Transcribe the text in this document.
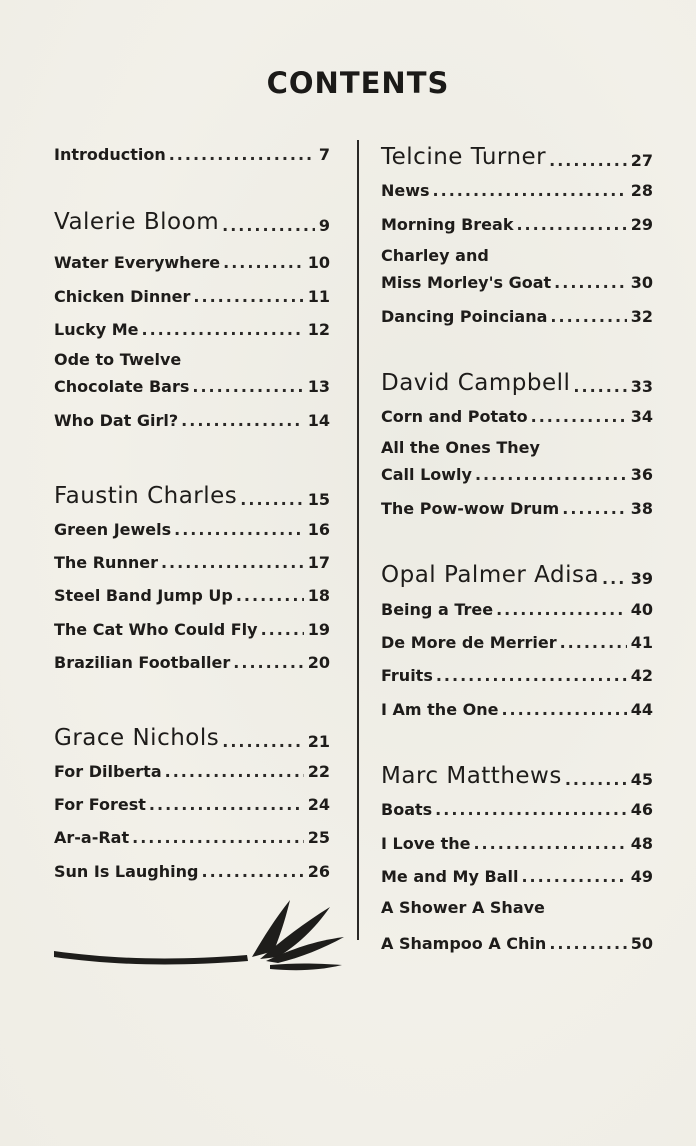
CONTENTS
Introduction .....	7
Valerie Bloom .....	9
Water Everywhere .....	10
Chicken Dinner .....	11
Lucky Me .....	12
Ode to Twelve
Chocolate Bars .....	13
Who Dat Girl? .....	14
Faustin Charles .....	15
Green Jewels .....	16
The Runner .....	17
Steel Band Jump Up .....	18
The Cat Who Could Fly .....	19
Brazilian Footballer .....	20
Grace Nichols .....	21
For Dilberta .....	22
For Forest .....	24
Ar-a-Rat .....	25
Sun Is Laughing .....	26
Telcine Turner .....	27
News .....	28
Morning Break .....	29
Charley and
Miss Morley's Goat .....	30
Dancing Poinciana .....	32
David Campbell .....	33
Corn and Potato .....	34
All the Ones They
Call Lowly .....	36
The Pow-wow Drum .....	38
Opal Palmer Adisa ..... 39
Being a Tree .....	40
De More de Merrier .....	41
Fruits .....	42
I Am the One .....	44
Marc Matthews .....	45
Boats .....	46
I Love the .....	48
Me and My Ball .....	49
A Shower A Shave
A Shampoo A Chin .....	50
